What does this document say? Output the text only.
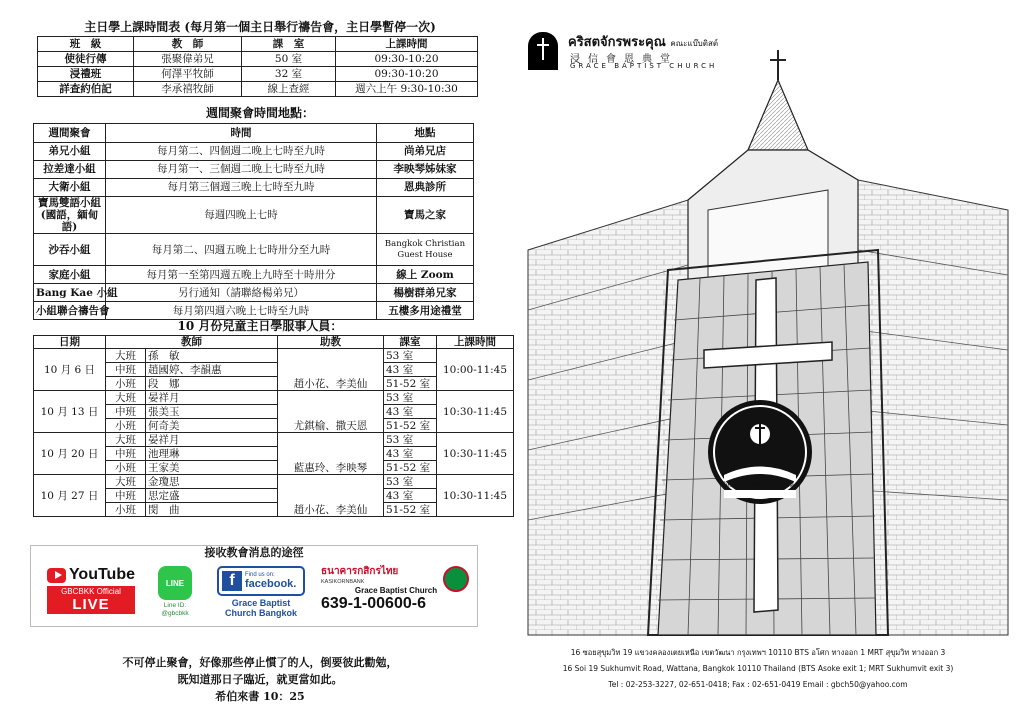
主日學上課時間表 (每月第一個主日舉行禱告會，主日學暫停一次)
班　級	教　師	課　室	上課時間
使徒行傳	張聚偉弟兄	50 室	09:30-10:20
浸禮班	何澤平牧師	32 室	09:30-10:20
詳查約伯記	李承禧牧師	線上查經	週六上午 9:30-10:30
週間聚會時間地點：
週間聚會	時間	地點
弟兄小組	每月第二、四個週二晚上七時至九時	尚弟兄店
拉差達小組	每月第一、三個週二晚上七時至九時	李映琴姊妹家
大衛小組	每月第三個週三晚上七時至九時	恩典診所
寶馬雙語小組 (國語，緬甸語)	每週四晚上七時	寶馬之家
沙吞小組	每月第二、四週五晚上七時卅分至九時	Bangkok Christian Guest House
家庭小組	每月第一至第四週五晚上九時至十時卅分	線上 Zoom
Bang Kae 小組	另行通知（請聯絡楊弟兄）	楊樹群弟兄家
小組聯合禱告會	每月第四週六晚上七時至九時	五樓多用途禮堂
10 月份兒童主日學服事人員：
日期	教師		助教	課室	上課時間
10 月 6 日	大班	孫　敏	趙小花、李美仙	53 室	10:00-11:45
	中班	趙國婷、李韻惠		43 室	
	小班	段　娜		51-52 室	
10 月 13 日	大班	晏祥月	尤錤榆、撒天恩	53 室	10:30-11:45
	中班	張美玉		43 室	
	小班	何奇美		51-52 室	
10 月 20 日	大班	晏祥月	藍惠玲、李映琴	53 室	10:30-11:45
	中班	池理琳		43 室	
	小班	王家美		51-52 室	
10 月 27 日	大班	金瓊思	趙小花、李美仙	53 室	10:30-11:45
	中班	思定盛		43 室	
	小班	閔　曲		51-52 室	
接收教會消息的途徑
YouTube
GBCBKK Official
LIVE
LINE
Line ID: @gbcbkk
f	Find us on:
facebook.
Grace Baptist Church Bangkok
ธนาคารกสิกรไทย
KASIKORNBANK
Grace Baptist Church
639-1-00600-6
不可停止聚會，好像那些停止慣了的人，倒要彼此勸勉，
既知道那日子臨近，就更當如此。
希伯來書 10：25
คริสตจักรพระคุณ คณะแบ๊บติสต์
浸信會恩典堂
GRACE BAPTIST CHURCH
ให้พระเจ้า ทำงานผ่านพระคำ
16 ซอยสุขุมวิท 19 แขวงคลองเตยเหนือ เขตวัฒนา กรุงเทพฯ 10110 BTS อโศก ทางออก 1 MRT สุขุมวิท ทางออก 3
16 Soi 19 Sukhumvit Road, Wattana, Bangkok 10110 Thailand (BTS Asoke exit 1; MRT Sukhumvit exit 3)
Tel : 02-253-3227, 02-651-0418; Fax : 02-651-0419 Email : gbch50@yahoo.com
